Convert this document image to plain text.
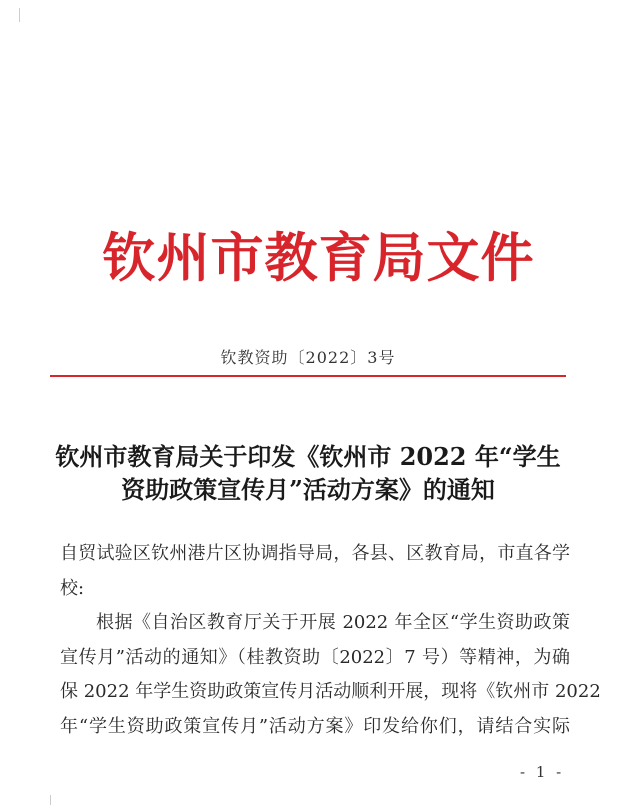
钦州市教育局文件
钦教资助〔2022〕3号
钦州市教育局关于印发《钦州市 2022 年“学生
资助政策宣传月”活动方案》的通知
自贸试验区钦州港片区协调指导局，各县、区教育局，市直各学
校:
根据《自治区教育厅关于开展 2022 年全区“学生资助政策
宣传月”活动的通知》（桂教资助〔2022〕7 号）等精神，为确
保 2022 年学生资助政策宣传月活动顺利开展，现将《钦州市 2022
年“学生资助政策宣传月”活动方案》印发给你们，请结合实际
- 1 -
